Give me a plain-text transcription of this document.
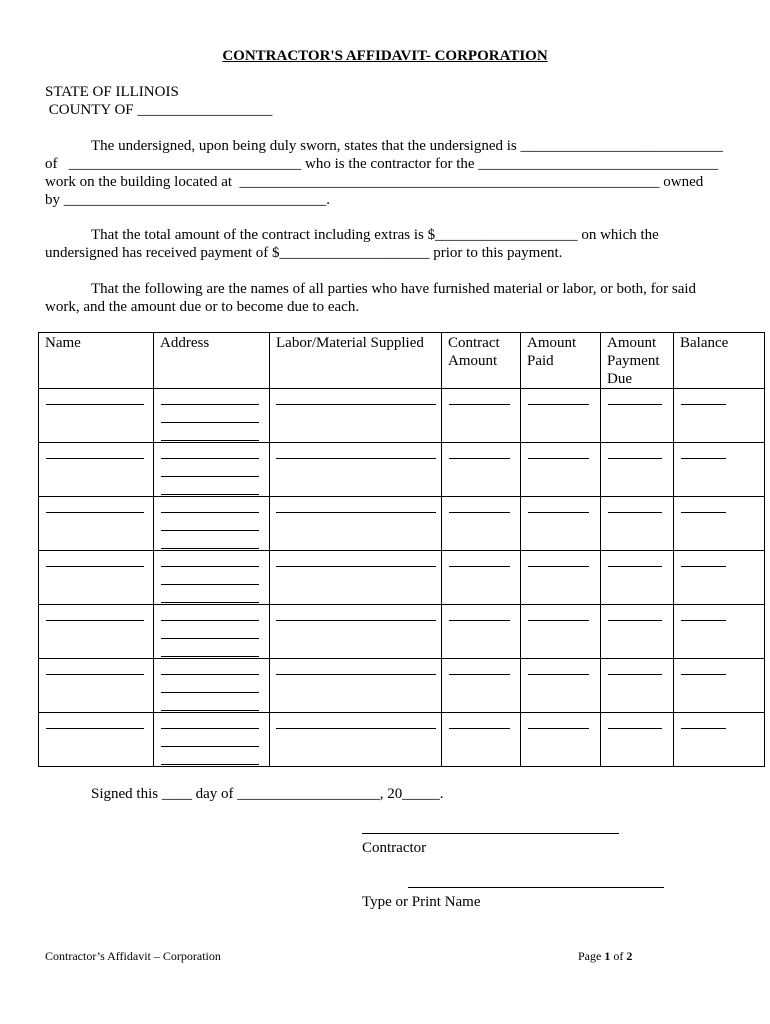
CONTRACTOR'S AFFIDAVIT- CORPORATION
STATE OF ILLINOIS
COUNTY OF __________________
The undersigned, upon being duly sworn, states that the undersigned is ___________________________
of   _______________________________ who is the contractor for the ________________________________
work on the building located at  ________________________________________________________ owned
by ___________________________________.
That the total amount of the contract including extras is $___________________ on which the
undersigned has received payment of $____________________ prior to this payment.
That the following are the names of all parties who have furnished material or labor, or both, for said
work, and the amount due or to become due to each.
Name	Address	Labor/Material Supplied	Contract Amount	Amount Paid	Amount Payment Due	Balance

Signed this ____ day of ___________________, 20_____.
Contractor
Type or Print Name
Contractor’s Affidavit – Corporation	Page 1 of 2
